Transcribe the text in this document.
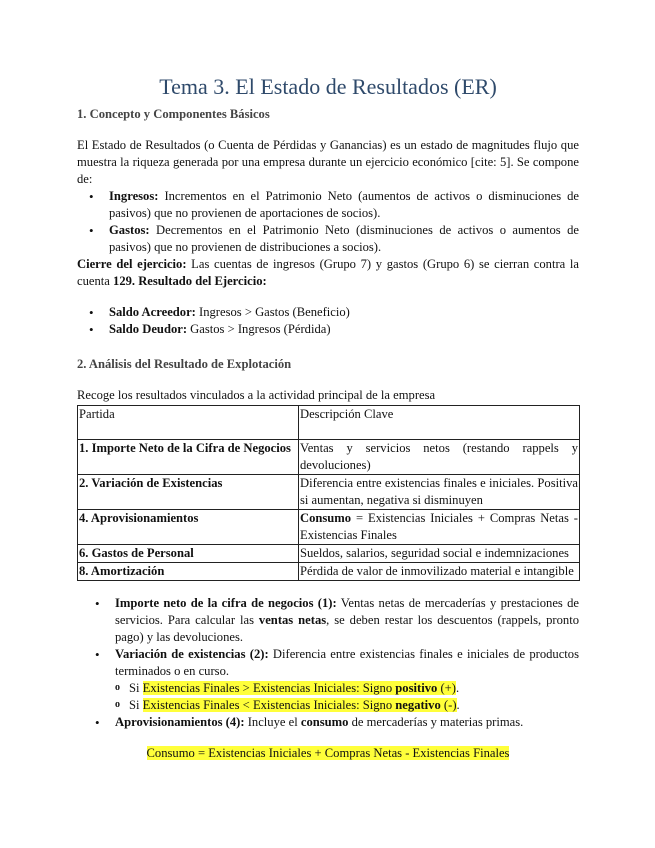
Tema 3. El Estado de Resultados (ER)
1. Concepto y Componentes Básicos

El Estado de Resultados (o Cuenta de Pérdidas y Ganancias) es un estado de magnitudes flujo que muestra la riqueza generada por una empresa durante un ejercicio económico [cite: 5]. Se compone de:

• Ingresos: Incrementos en el Patrimonio Neto (aumentos de activos o disminuciones de pasivos) que no provienen de aportaciones de socios).
• Gastos: Decrementos en el Patrimonio Neto (disminuciones de activos o aumentos de pasivos) que no provienen de distribuciones a socios).

Cierre del ejercicio: Las cuentas de ingresos (Grupo 7) y gastos (Grupo 6) se cierran contra la cuenta 129. Resultado del Ejercicio:

• Saldo Acreedor: Ingresos > Gastos (Beneficio)
• Saldo Deudor: Gastos > Ingresos (Pérdida)
2. Análisis del Resultado de Explotación

Recoge los resultados vinculados a la actividad principal de la empresa

Partida	Descripción Clave
1. Importe Neto de la Cifra de Negocios	Ventas y servicios netos (restando rappels y devoluciones)
2. Variación de Existencias	Diferencia entre existencias finales e iniciales. Positiva si aumentan, negativa si disminuyen
4. Aprovisionamientos	Consumo = Existencias Iniciales + Compras Netas - Existencias Finales
6. Gastos de Personal	Sueldos, salarios, seguridad social e indemnizaciones
8. Amortización	Pérdida de valor de inmovilizado material e intangible
• Importe neto de la cifra de negocios (1): Ventas netas de mercaderías y prestaciones de servicios. Para calcular las ventas netas, se deben restar los descuentos (rappels, pronto pago) y las devoluciones.
• Variación de existencias (2): Diferencia entre existencias finales e iniciales de productos terminados o en curso.
o Si Existencias Finales > Existencias Iniciales: Signo positivo (+).
o Si Existencias Finales < Existencias Iniciales: Signo negativo (-).
• Aprovisionamientos (4): Incluye el consumo de mercaderías y materias primas.

Consumo = Existencias Iniciales + Compras Netas - Existencias Finales
